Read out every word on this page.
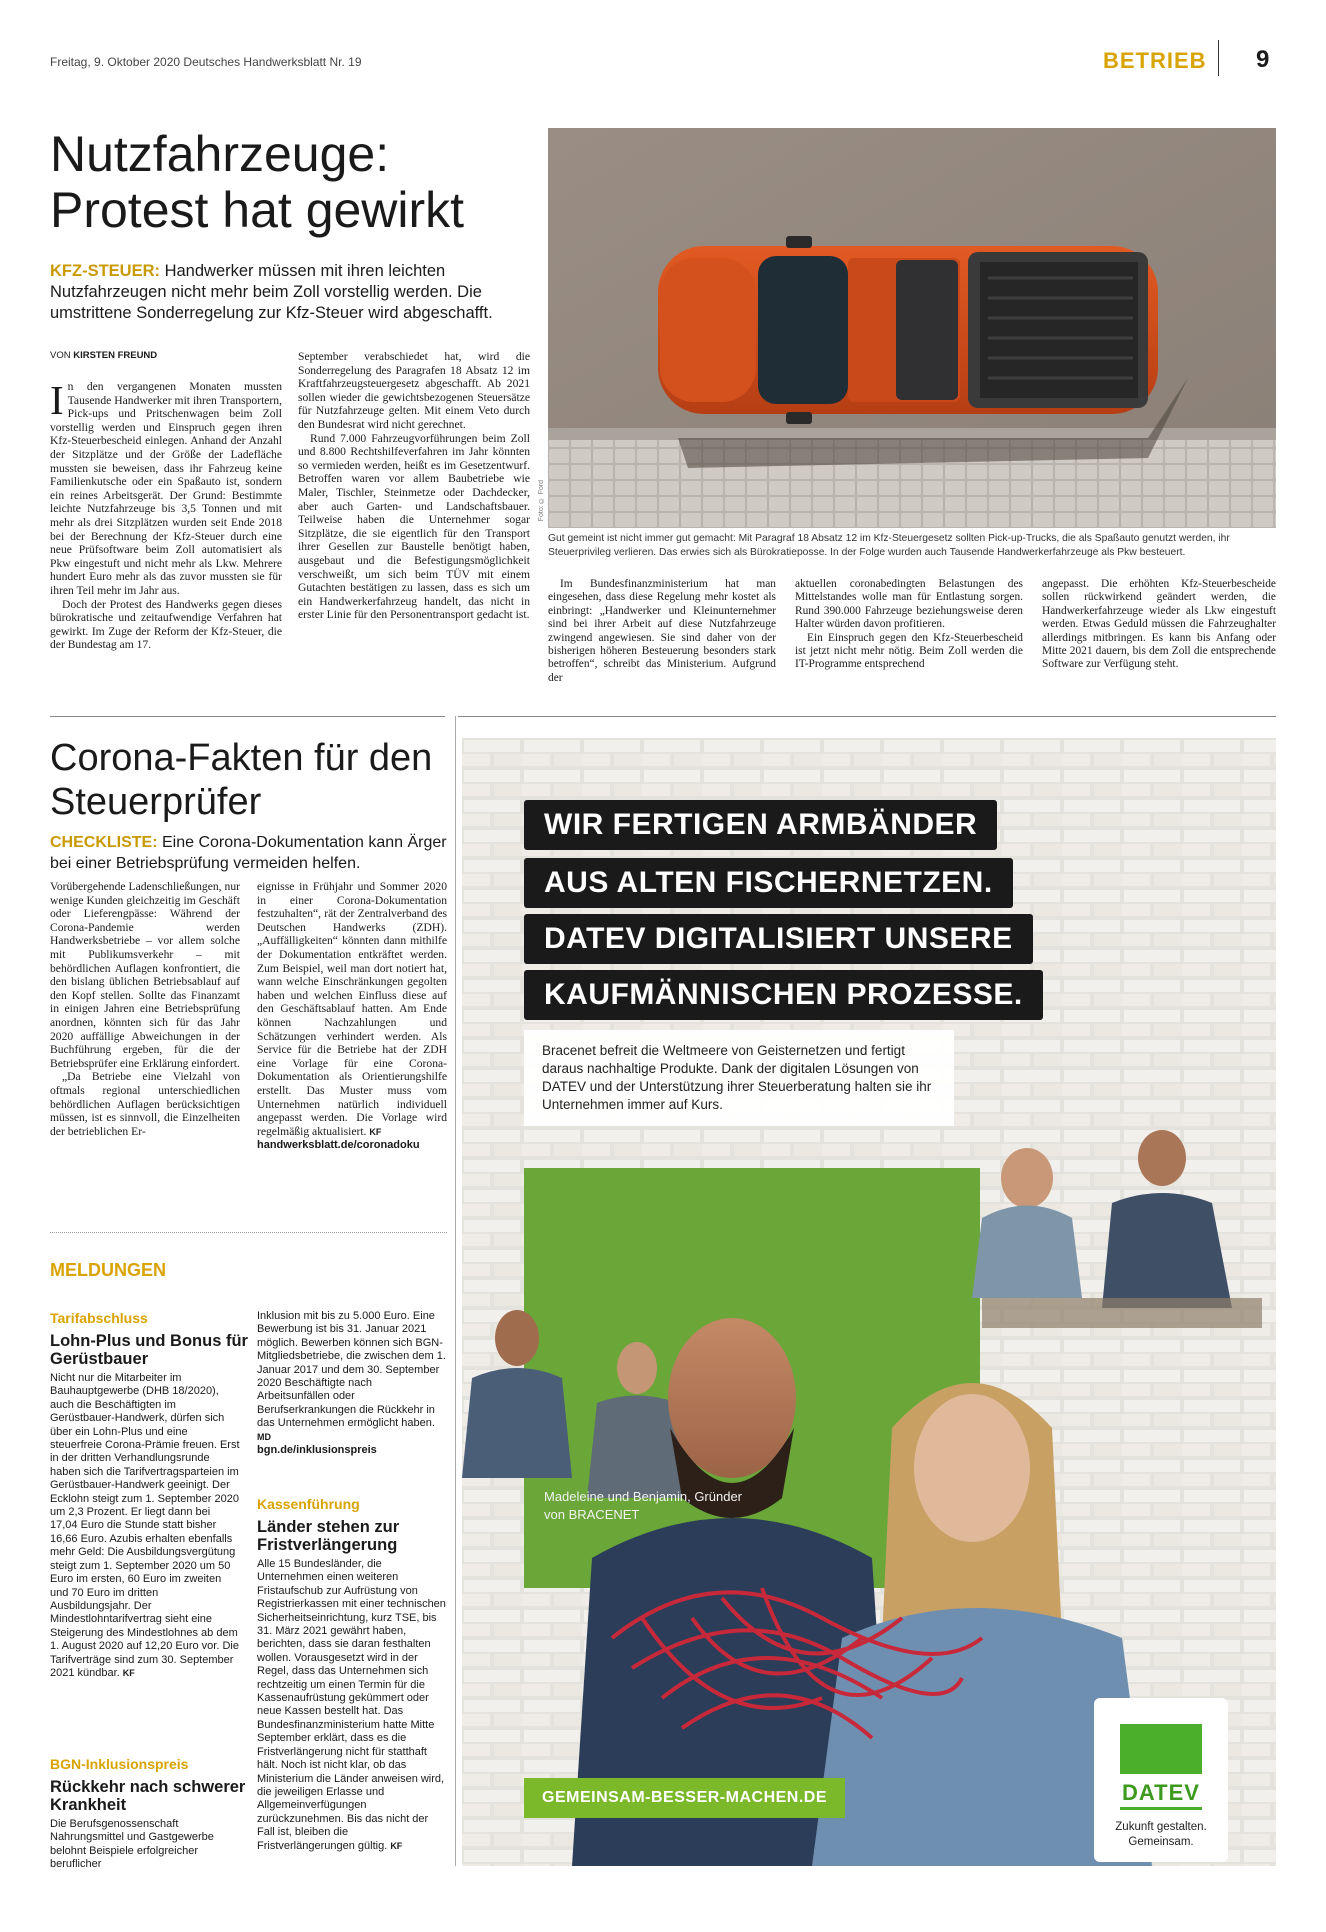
Freitag, 9. Oktober 2020 Deutsches Handwerksblatt Nr. 19	BETRIEB 9
Nutzfahrzeuge: Protest hat gewirkt

KFZ-STEUER: Handwerker müssen mit ihren leichten Nutzfahrzeugen nicht mehr beim Zoll vorstellig werden. Die umstrittene Sonderregelung zur Kfz-Steuer wird abgeschafft.

VON KIRSTEN FREUND
I n den vergangenen Monaten mussten Tausende Handwerker mit ihren Transportern, Pick-ups und Pritschenwagen beim Zoll vorstellig werden und Einspruch gegen ihren Kfz-Steuerbescheid einlegen. Anhand der Anzahl der Sitzplätze und der Größe der Ladefläche mussten sie beweisen, dass ihr Fahrzeug keine Familienkutsche oder ein Spaßauto ist, sondern ein reines Arbeitsgerät. Der Grund: Bestimmte leichte Nutzfahrzeuge bis 3,5 Tonnen und mit mehr als drei Sitzplätzen wurden seit Ende 2018 bei der Berechnung der Kfz-Steuer durch eine neue Prüfsoftware beim Zoll automatisiert als Pkw eingestuft und nicht mehr als Lkw. Mehrere hundert Euro mehr als das zuvor mussten sie für ihren Teil mehr im Jahr aus.

Doch der Protest des Handwerks gegen dieses bürokratische und zeitaufwendige Verfahren hat gewirkt. Im Zuge der Reform der Kfz-Steuer, die der Bundestag am 17.

September verabschiedet hat, wird die Sonderregelung des Paragrafen 18 Absatz 12 im Kraftfahrzeugsteuergesetz abgeschafft. Ab 2021 sollen wieder die gewichtsbezogenen Steuersätze für Nutzfahrzeuge gelten. Mit einem Veto durch den Bundesrat wird nicht gerechnet.

Rund 7.000 Fahrzeugvorführungen beim Zoll und 8.800 Rechtshilfeverfahren im Jahr könnten so vermieden werden, heißt es im Gesetzentwurf. Betroffen waren vor allem Baubetriebe wie Maler, Tischler, Steinmetze oder Dachdecker, aber auch Garten- und Landschaftsbauer. Teilweise haben die Unternehmer sogar Sitzplätze, die sie eigentlich für den Transport ihrer Gesellen zur Baustelle benötigt haben, ausgebaut und die Befestigungsmöglichkeit verschweißt, um sich beim TÜV mit einem Gutachten bestätigen zu lassen, dass es sich um ein Handwerkerfahrzeug handelt, das nicht in erster Linie für den Personentransport gedacht ist.

Foto: © Ford

Gut gemeint ist nicht immer gut gemacht: Mit Paragraf 18 Absatz 12 im Kfz-Steuergesetz sollten Pick-up-Trucks, die als Spaßauto genutzt werden, ihr Steuerprivileg verlieren. Das erwies sich als Bürokratieposse. In der Folge wurden auch Tausende Handwerkerfahrzeuge als Pkw besteuert.

Im Bundesfinanzministerium hat man eingesehen, dass diese Regelung mehr kostet als einbringt: „Handwerker und Kleinunternehmer sind bei ihrer Arbeit auf diese Nutzfahrzeuge zwingend angewiesen. Sie sind daher von der bisherigen höheren Besteuerung besonders stark betroffen“, schreibt das Ministerium. Aufgrund der

aktuellen coronabedingten Belastungen des Mittelstandes wolle man für Entlastung sorgen. Rund 390.000 Fahrzeuge beziehungsweise deren Halter würden davon profitieren.

Ein Einspruch gegen den Kfz-Steuerbescheid ist jetzt nicht mehr nötig. Beim Zoll werden die IT-Programme entsprechend

angepasst. Die erhöhten Kfz-Steuerbescheide sollen rückwirkend geändert werden, die Handwerkerfahrzeuge wieder als Lkw eingestuft werden. Etwas Geduld müssen die Fahrzeughalter allerdings mitbringen. Es kann bis Anfang oder Mitte 2021 dauern, bis dem Zoll die entsprechende Software zur Verfügung steht.

Corona-Fakten für den Steuerprüfer

CHECKLISTE: Eine Corona-Dokumentation kann Ärger bei einer Betriebsprüfung vermeiden helfen.

Vorübergehende Ladenschließungen, nur wenige Kunden gleichzeitig im Geschäft oder Lieferengpässe: Während der Corona-Pandemie werden Handwerksbetriebe – vor allem solche mit Publikumsverkehr – mit behördlichen Auflagen konfrontiert, die den bislang üblichen Betriebsablauf auf den Kopf stellen. Sollte das Finanzamt in einigen Jahren eine Betriebsprüfung anordnen, könnten sich für das Jahr 2020 auffällige Abweichungen in der Buchführung ergeben, für die der Betriebsprüfer eine Erklärung einfordert.

„Da Betriebe eine Vielzahl von oftmals regional unterschiedlichen behördlichen Auflagen berücksichtigen müssen, ist es sinnvoll, die Einzelheiten der betrieblichen Er-

eignisse in Frühjahr und Sommer 2020 in einer Corona-Dokumentation festzuhalten“, rät der Zentralverband des Deutschen Handwerks (ZDH). „Auffälligkeiten“ könnten dann mithilfe der Dokumentation entkräftet werden. Zum Beispiel, weil man dort notiert hat, wann welche Einschränkungen gegolten haben und welchen Einfluss diese auf den Geschäftsablauf hatten. Am Ende können Nachzahlungen und Schätzungen verhindert werden. Als Service für die Betriebe hat der ZDH eine Vorlage für eine Corona-Dokumentation als Orientierungshilfe erstellt. Das Muster muss vom Unternehmen natürlich individuell angepasst werden. Die Vorlage wird regelmäßig aktualisiert. KF

handwerksblatt.de/coronadoku

MELDUNGEN
Tarifabschluss
Lohn-Plus und Bonus für Gerüstbauer

Nicht nur die Mitarbeiter im Bauhauptgewerbe (DHB 18/2020), auch die Beschäftigten im Gerüstbauer-Handwerk, dürfen sich über ein Lohn-Plus und eine steuerfreie Corona-Prämie freuen. Erst in der dritten Verhandlungsrunde haben sich die Tarifvertragsparteien im Gerüstbauer-Handwerk geeinigt. Der Ecklohn steigt zum 1. September 2020 um 2,3 Prozent. Er liegt dann bei 17,04 Euro die Stunde statt bisher 16,66 Euro. Azubis erhalten ebenfalls mehr Geld: Die Ausbildungsvergütung steigt zum 1. September 2020 um 50 Euro im ersten, 60 Euro im zweiten und 70 Euro im dritten Ausbildungsjahr. Der Mindestlohntarifvertrag sieht eine Steigerung des Mindestlohnes ab dem 1. August 2020 auf 12,20 Euro vor. Die Tarifverträge sind zum 30. September 2021 kündbar. KF

Inklusion mit bis zu 5.000 Euro. Eine Bewerbung ist bis 31. Januar 2021 möglich. Bewerben können sich BGN-Mitgliedsbetriebe, die zwischen dem 1. Januar 2017 und dem 30. September 2020 Beschäftigte nach Arbeitsunfällen oder Berufserkrankungen die Rückkehr in das Unternehmen ermöglicht haben. MD

bgn.de/inklusionspreis

Kassenführung
Länder stehen zur Fristverlängerung

Alle 15 Bundesländer, die Unternehmen einen weiteren Fristaufschub zur Aufrüstung von Registrierkassen mit einer technischen Sicherheitseinrichtung, kurz TSE, bis 31. März 2021 gewährt haben, berichten, dass sie daran festhalten wollen. Vorausgesetzt wird in der Regel, dass das Unternehmen sich rechtzeitig um einen Termin für die Kassenaufrüstung gekümmert oder neue Kassen bestellt hat. Das Bundesfinanzministerium hatte Mitte September erklärt, dass es die Fristverlängerung nicht für statthaft hält. Noch ist nicht klar, ob das Ministerium die Länder anweisen wird, die jeweiligen Erlasse und Allgemeinverfügungen zurückzunehmen. Bis das nicht der Fall ist, bleiben die Fristverlängerungen gültig. KF

BGN-Inklusionspreis
Rückkehr nach schwerer Krankheit

Die Berufsgenossenschaft Nahrungsmittel und Gastgewerbe belohnt Beispiele erfolgreicher beruflicher

WIR FERTIGEN ARMBÄNDER
AUS ALTEN FISCHERNETZEN.
DATEV DIGITALISIERT UNSERE
KAUFMÄNNISCHEN PROZESSE.
Bracenet befreit die Weltmeere von Geisternetzen und fertigt daraus nachhaltige Produkte. Dank der digitalen Lösungen von DATEV und der Unterstützung ihrer Steuerberatung halten sie ihr Unternehmen immer auf Kurs.
Madeleine und Benjamin, Gründer von BRACENET
GEMEINSAM-BESSER-MACHEN.DE	DATEV
Zukunft gestalten. Gemeinsam.
